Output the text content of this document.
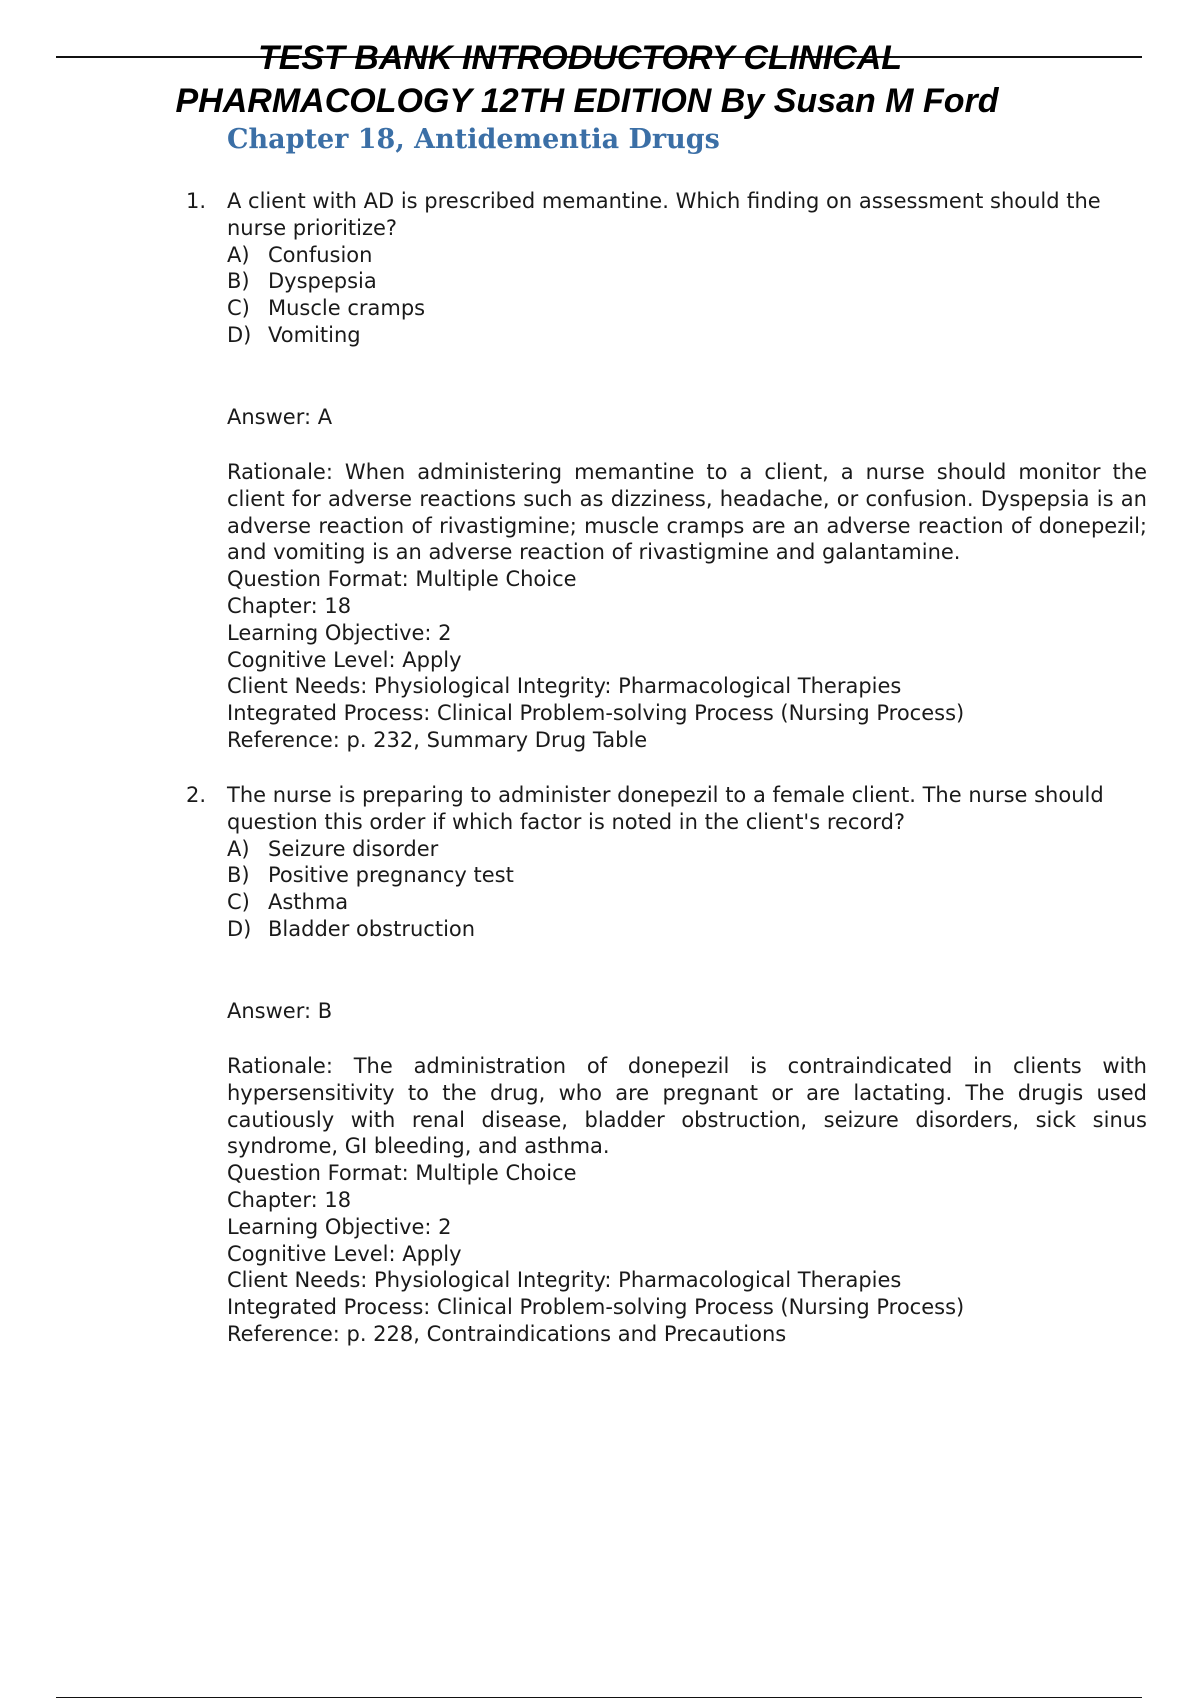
TEST BANK INTRODUCTORY CLINICAL
PHARMACOLOGY 12TH EDITION By Susan M Ford
Chapter 18, Antidementia Drugs
1. A client with AD is prescribed memantine. Which finding on assessment should the nurse prioritize?

A) Confusion
B) Dyspepsia
C) Muscle cramps
D) Vomiting

Answer: A

Rationale: When administering memantine to a client, a nurse should monitor the client for adverse reactions such as dizziness, headache, or confusion. Dyspepsia is an adverse reaction of rivastigmine; muscle cramps are an adverse reaction of donepezil; and vomiting is an adverse reaction of rivastigmine and galantamine.

Question Format: Multiple Choice

Chapter: 18

Learning Objective: 2

Cognitive Level: Apply

Client Needs: Physiological Integrity: Pharmacological Therapies

Integrated Process: Clinical Problem-solving Process (Nursing Process)

Reference: p. 232, Summary Drug Table

2. The nurse is preparing to administer donepezil to a female client. The nurse should question this order if which factor is noted in the client's record?

A) Seizure disorder
B) Positive pregnancy test
C) Asthma
D) Bladder obstruction

Answer: B

Rationale: The administration of donepezil is contraindicated in clients with hypersensitivity to the drug, who are pregnant or are lactating. The drugis used cautiously with renal disease, bladder obstruction, seizure disorders, sick sinus syndrome, GI bleeding, and asthma.

Question Format: Multiple Choice

Chapter: 18

Learning Objective: 2

Cognitive Level: Apply

Client Needs: Physiological Integrity: Pharmacological Therapies

Integrated Process: Clinical Problem-solving Process (Nursing Process)

Reference: p. 228, Contraindications and Precautions
